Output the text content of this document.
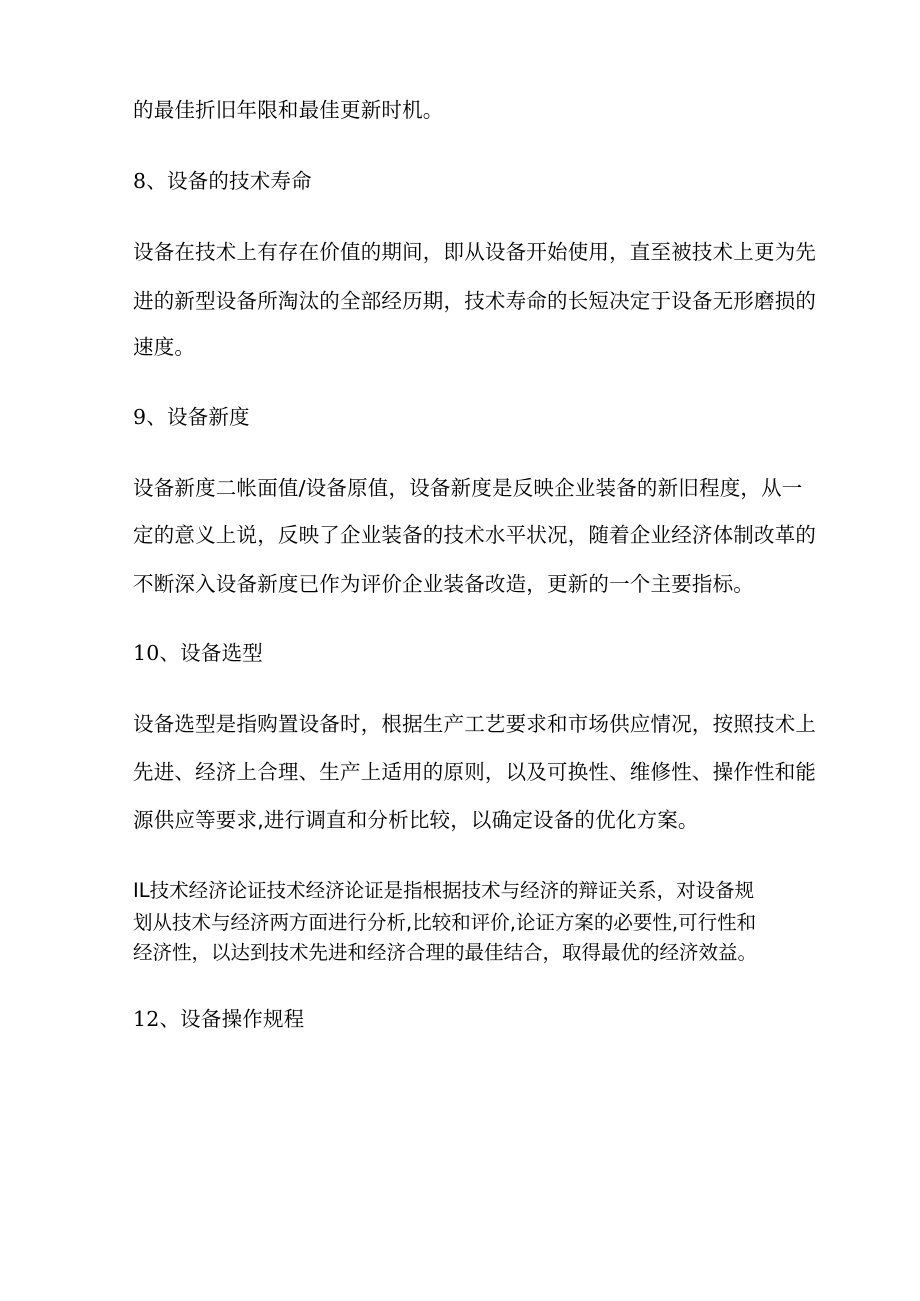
的最佳折旧年限和最佳更新时机。

8、设备的技术寿命

设备在技术上有存在价值的期间，即从设备开始使用，直至被技术上更为先

进的新型设备所淘汰的全部经历期，技术寿命的长短决定于设备无形磨损的

速度。

9、设备新度

设备新度二帐面值/设备原值，设备新度是反映企业装备的新旧程度，从一

定的意义上说，反映了企业装备的技术水平状况，随着企业经济体制改革的

不断深入设备新度已作为评价企业装备改造，更新的一个主要指标。

10、设备选型

设备选型是指购置设备时，根据生产工艺要求和市场供应情况，按照技术上

先进、经济上合理、生产上适用的原则，以及可换性、维修性、操作性和能

源供应等要求,进行调直和分析比较，以确定设备的优化方案。

IL技术经济论证技术经济论证是指根据技术与经济的辩证关系，对设备规

划从技术与经济两方面进行分析,比较和评价,论证方案的必要性,可行性和

经济性，以达到技术先进和经济合理的最佳结合，取得最优的经济效益。

12、设备操作规程
